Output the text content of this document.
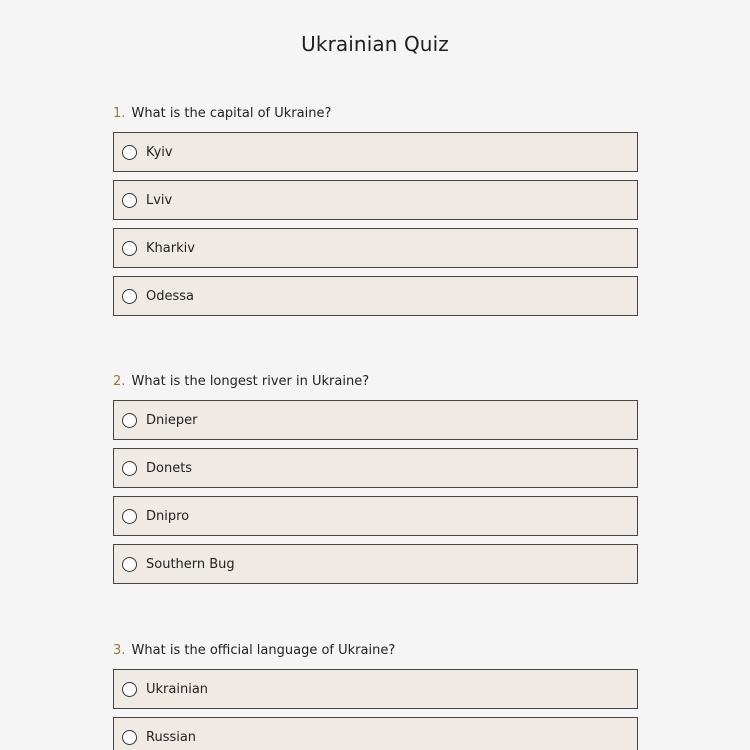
Ukrainian Quiz
1. What is the capital of Ukraine?
Kyiv
Lviv
Kharkiv
Odessa
2. What is the longest river in Ukraine?
Dnieper
Donets
Dnipro
Southern Bug
3. What is the official language of Ukraine?
Ukrainian
Russian
